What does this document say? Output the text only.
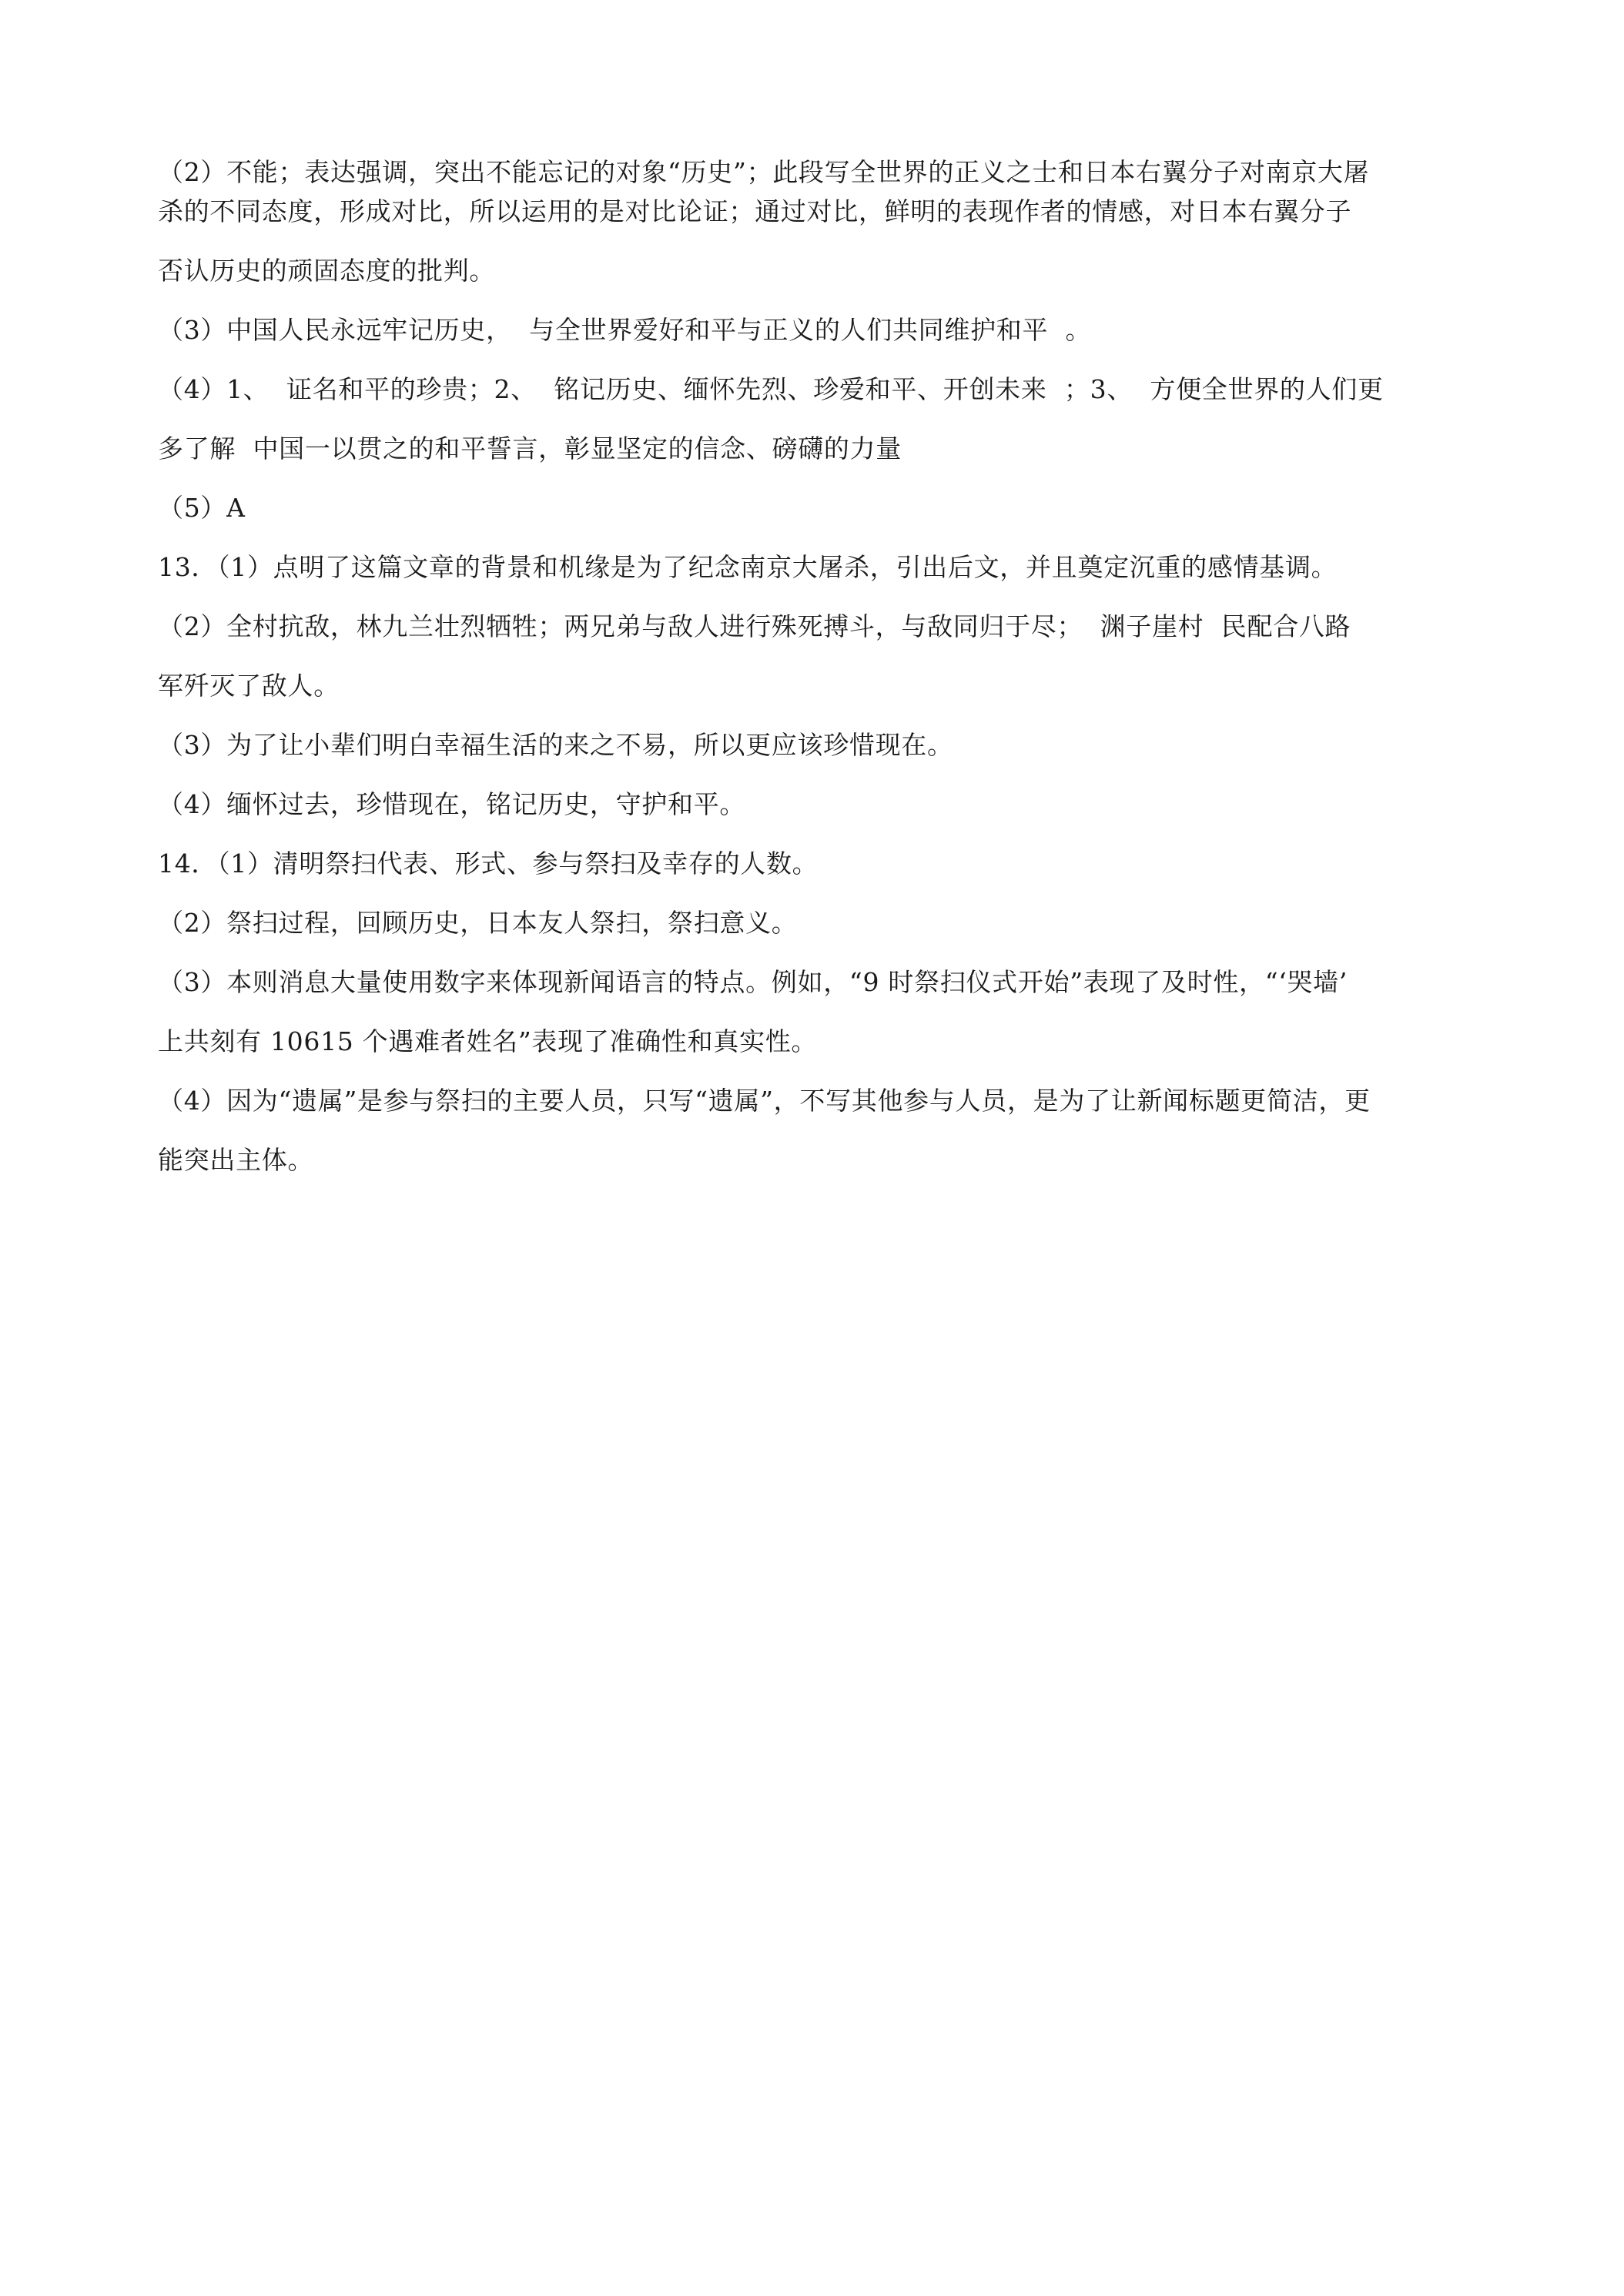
（2）不能；表达强调，突出不能忘记的对象“历史”；此段写全世界的正义之士和日本右翼分子对南京大屠
杀的不同态度，形成对比，所以运用的是对比论证；通过对比，鲜明的表现作者的情感，对日本右翼分子
否认历史的顽固态度的批判。
（3）中国人民永远牢记历史，  与全世界爱好和平与正义的人们共同维护和平  。
（4）1、  证名和平的珍贵；2、  铭记历史、缅怀先烈、珍爱和平、开创未来  ；3、  方便全世界的人们更
多了解  中国一以贯之的和平誓言，彰显坚定的信念、磅礴的力量
（5）A
13．（1）点明了这篇文章的背景和机缘是为了纪念南京大屠杀，引出后文，并且奠定沉重的感情基调。
（2）全村抗敌，林九兰壮烈牺牲；两兄弟与敌人进行殊死搏斗，与敌同归于尽；  渊子崖村  民配合八路
军歼灭了敌人。
（3）为了让小辈们明白幸福生活的来之不易，所以更应该珍惜现在。
（4）缅怀过去，珍惜现在，铭记历史，守护和平。
14．（1）清明祭扫代表、形式、参与祭扫及幸存的人数。
（2）祭扫过程，回顾历史，日本友人祭扫，祭扫意义。
（3）本则消息大量使用数字来体现新闻语言的特点。例如，“9 时祭扫仪式开始”表现了及时性，“‘哭墙’
上共刻有 10615 个遇难者姓名”表现了准确性和真实性。
（4）因为“遗属”是参与祭扫的主要人员，只写“遗属”，不写其他参与人员，是为了让新闻标题更简洁，更
能突出主体。
